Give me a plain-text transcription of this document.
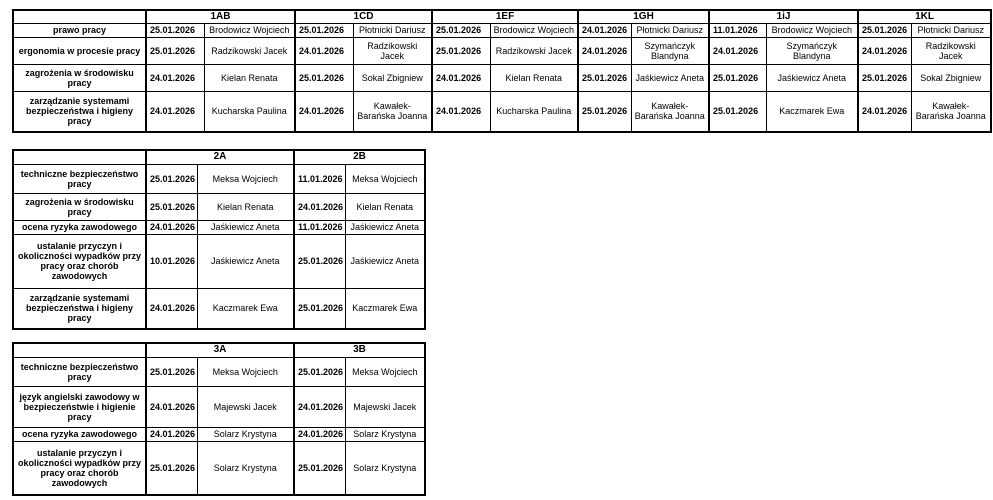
	1AB		1CD		1EF		1GH		1iJ		1KL	
prawo pracy	25.01.2026	Brodowicz Wojciech	25.01.2026	Płotnicki Dariusz	25.01.2026	Brodowicz Wojciech	24.01.2026	Płotnicki Dariusz	11.01.2026	Brodowicz Wojciech	25.01.2026	Płotnicki Dariusz
ergonomia w procesie pracy	25.01.2026	Radzikowski Jacek	24.01.2026	Radzikowski Jacek	25.01.2026	Radzikowski Jacek	24.01.2026	Szymańczyk Blandyna	24.01.2026	Szymańczyk Blandyna	24.01.2026	Radzikowski Jacek
zagrożenia w środowisku pracy	24.01.2026	Kielan Renata	25.01.2026	Sokal Zbigniew	24.01.2026	Kielan Renata	25.01.2026	Jaśkiewicz Aneta	25.01.2026	Jaśkiewicz Aneta	25.01.2026	Sokal Zbigniew
zarządzanie systemami bezpieczeństwa i higieny pracy	24.01.2026	Kucharska Paulina	24.01.2026	Kawałek-Barańska Joanna	24.01.2026	Kucharska Paulina	25.01.2026	Kawałek-Barańska Joanna	25.01.2026	Kaczmarek Ewa	24.01.2026	Kawałek-Barańska Joanna
	2A		2B	
techniczne bezpieczeństwo pracy	25.01.2026	Meksa Wojciech	11.01.2026	Meksa Wojciech
zagrożenia w środowisku pracy	25.01.2026	Kielan Renata	24.01.2026	Kielan Renata
ocena ryzyka zawodowego	24.01.2026	Jaśkiewicz Aneta	11.01.2026	Jaśkiewicz Aneta
ustalanie przyczyn i okoliczności wypadków przy pracy oraz chorób zawodowych	10.01.2026	Jaśkiewicz Aneta	25.01.2026	Jaśkiewicz Aneta
zarządzanie systemami bezpieczeństwa i higieny pracy	24.01.2026	Kaczmarek Ewa	25.01.2026	Kaczmarek Ewa
	3A		3B	
techniczne bezpieczeństwo pracy	25.01.2026	Meksa Wojciech	25.01.2026	Meksa Wojciech
język angielski zawodowy w bezpieczeństwie i higienie pracy	24.01.2026	Majewski Jacek	24.01.2026	Majewski Jacek
ocena ryzyka zawodowego	24.01.2026	Solarz Krystyna	24.01.2026	Solarz Krystyna
ustalanie przyczyn i okoliczności wypadków przy pracy oraz chorób zawodowych	25.01.2026	Solarz Krystyna	25.01.2026	Solarz Krystyna
